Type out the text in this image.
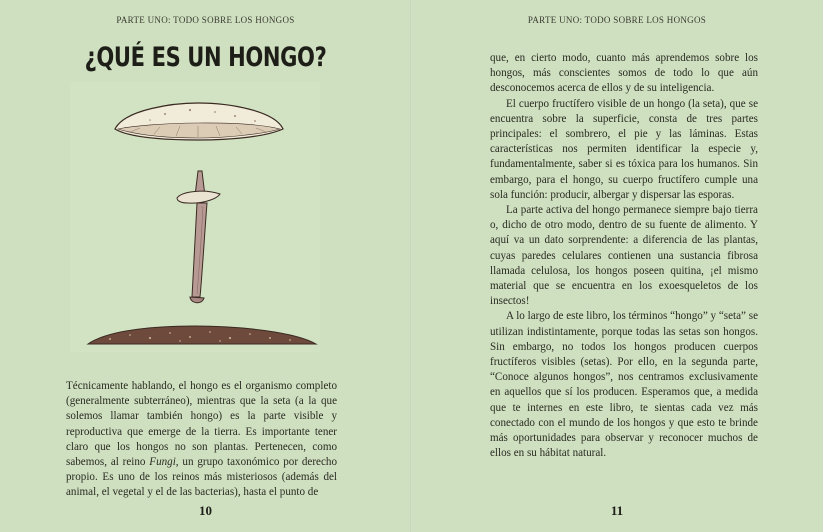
PARTE UNO: TODO SOBRE LOS HONGOS
¿QUÉ ES UN HONGO?

Técnicamente hablando, el hongo es el organismo completo (generalmente subterráneo), mientras que la seta (a la que solemos llamar también hongo) es la parte visible y reproductiva que emerge de la tierra. Es importante tener claro que los hongos no son plantas. Pertenecen, como sabemos, al reino Fungi, un grupo taxonómico por derecho propio. Es uno de los reinos más misteriosos (además del animal, el vegetal y el de las bacterias), hasta el punto de

10
PARTE UNO: TODO SOBRE LOS HONGOS

que, en cierto modo, cuanto más aprendemos sobre los hongos, más conscientes somos de todo lo que aún desconocemos acerca de ellos y de su inteligencia.

El cuerpo fructífero visible de un hongo (la seta), que se encuentra sobre la superficie, consta de tres partes principales: el sombrero, el pie y las láminas. Estas características nos permiten identificar la especie y, fundamentalmente, saber si es tóxica para los humanos. Sin embargo, para el hongo, su cuerpo fructífero cumple una sola función: producir, albergar y dispersar las esporas.

La parte activa del hongo permanece siempre bajo tierra o, dicho de otro modo, dentro de su fuente de alimento. Y aquí va un dato sorprendente: a diferencia de las plantas, cuyas paredes celulares contienen una sustancia fibrosa llamada celulosa, los hongos poseen quitina, ¡el mismo material que se encuentra en los exoesqueletos de los insectos!

A lo largo de este libro, los términos “hongo” y “seta” se utilizan indistintamente, porque todas las setas son hongos. Sin embargo, no todos los hongos producen cuerpos fructíferos visibles (setas). Por ello, en la segunda parte, “Conoce algunos hongos”, nos centramos exclusivamente en aquellos que sí los producen. Esperamos que, a medida que te internes en este libro, te sientas cada vez más conectado con el mundo de los hongos y que esto te brinde más oportunidades para observar y reconocer muchos de ellos en su hábitat natural.

11
